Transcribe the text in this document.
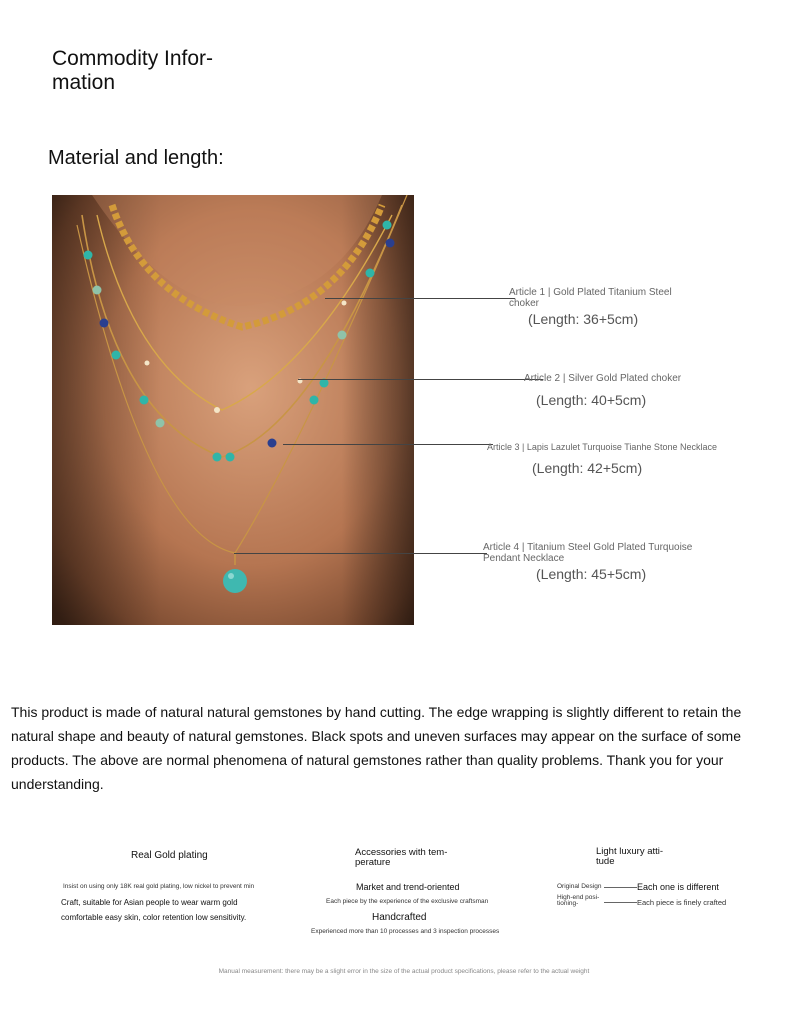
Commodity Infor-
mation
Material and length:
Article 1 | Gold Plated Titanium Steel choker
(Length: 36+5cm)
Article 2 | Silver Gold Plated choker
(Length: 40+5cm)
Article 3 | Lapis Lazulet Turquoise Tianhe Stone Necklace
(Length: 42+5cm)
Article 4 | Titanium Steel Gold Plated Turquoise Pendant Necklace
(Length: 45+5cm)
This product is made of natural natural gemstones by hand cutting. The edge wrapping is slightly different to retain the natural shape and beauty of natural gemstones. Black spots and uneven surfaces may appear on the surface of some products. The above are normal phenomena of natural gemstones rather than quality problems. Thank you for your understanding.
Real Gold plating
Insist on using only 18K real gold plating, low nickel to prevent min
Craft, suitable for Asian people to wear warm gold
comfortable easy skin, color retention low sensitivity.
Accessories with tem-
perature
Market and trend-oriented
Each piece by the experience of the exclusive craftsman
Handcrafted
Experienced more than 10 processes and 3 inspection processes
Light luxury atti-
tude
Original Design	Each one is different
High-end posi-
tioning-	Each piece is finely crafted
Manual measurement: there may be a slight error in the size of the actual product specifications, please refer to the actual weight
